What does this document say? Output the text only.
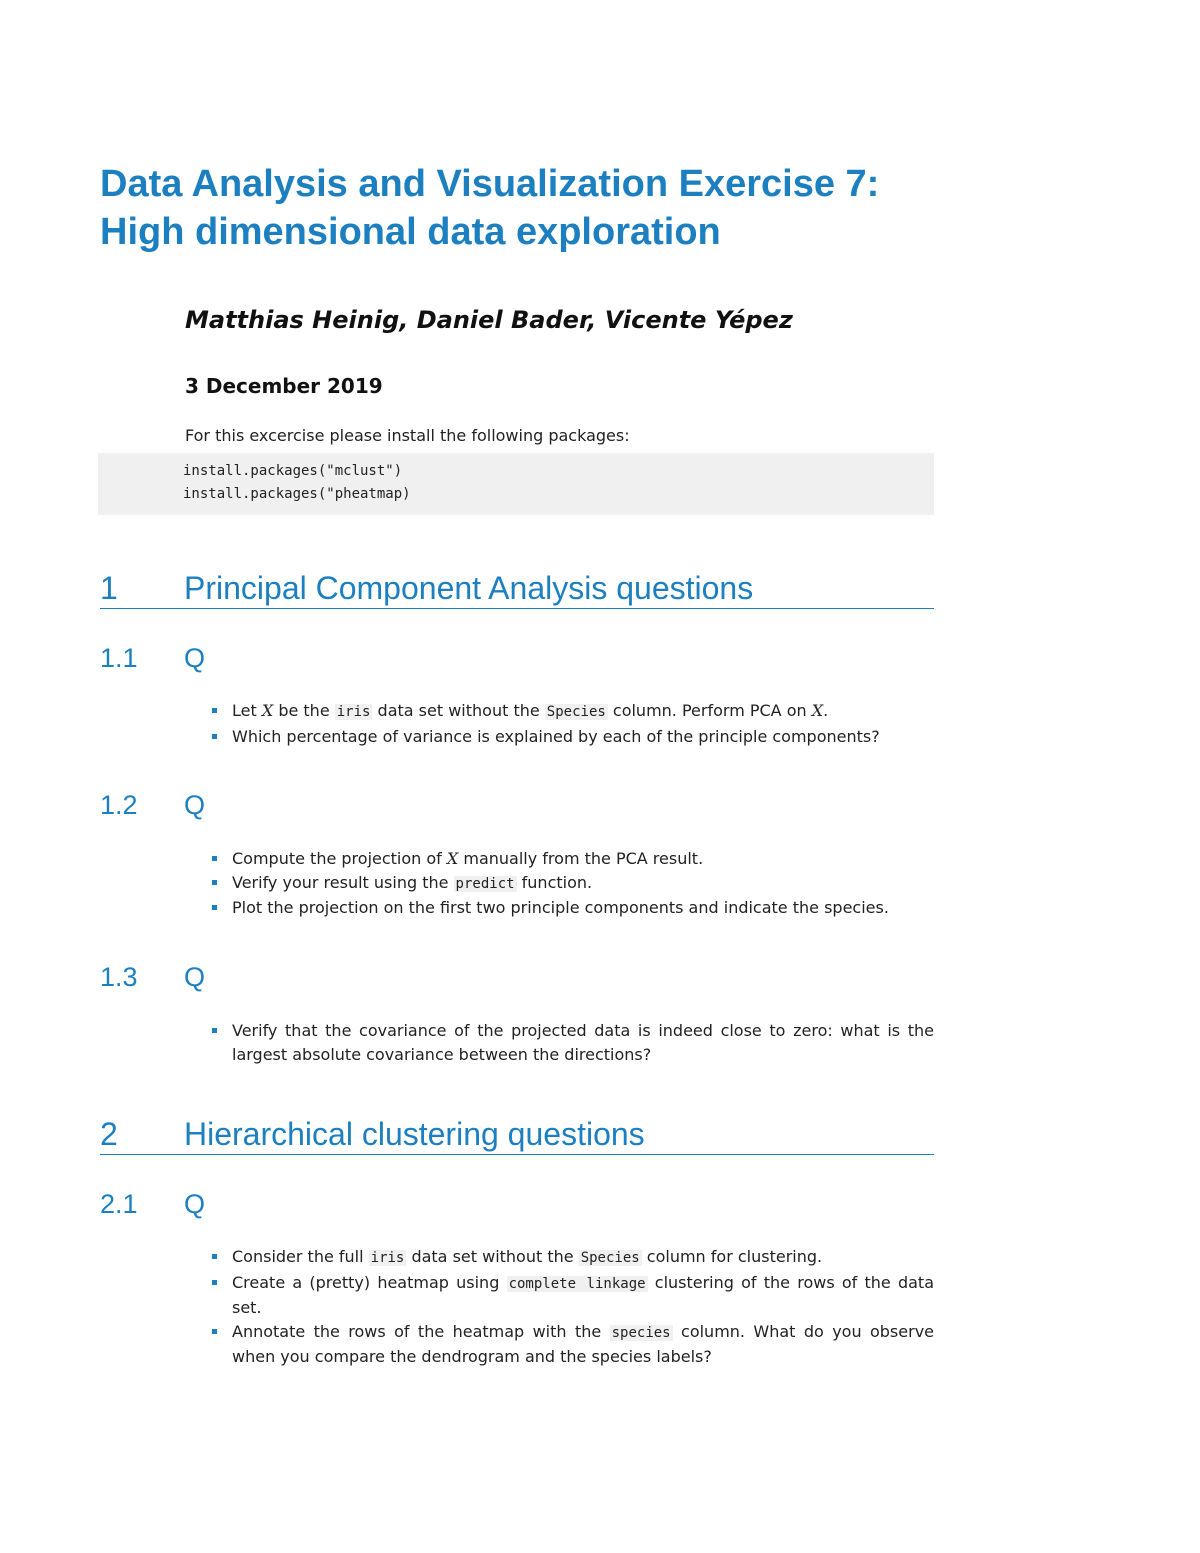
Data Analysis and Visualization Exercise 7:
High dimensional data exploration
Matthias Heinig, Daniel Bader, Vicente Yépez
3 December 2019
For this excercise please install the following packages:
install.packages("mclust")
install.packages("pheatmap)
1 Principal Component Analysis questions
1.1 Q
Let X be the iris data set without the Species column. Perform PCA on X.
Which percentage of variance is explained by each of the principle components?
1.2 Q
Compute the projection of X manually from the PCA result.
Verify your result using the predict function.
Plot the projection on the first two principle components and indicate the species.
1.3 Q
Verify that the covariance of the projected data is indeed close to zero: what is the largest absolute covariance between the directions?
2 Hierarchical clustering questions
2.1 Q
Consider the full iris data set without the Species column for clustering.
Create a (pretty) heatmap using complete linkage clustering of the rows of the data set.
Annotate the rows of the heatmap with the species column. What do you observe when you compare the dendrogram and the species labels?
